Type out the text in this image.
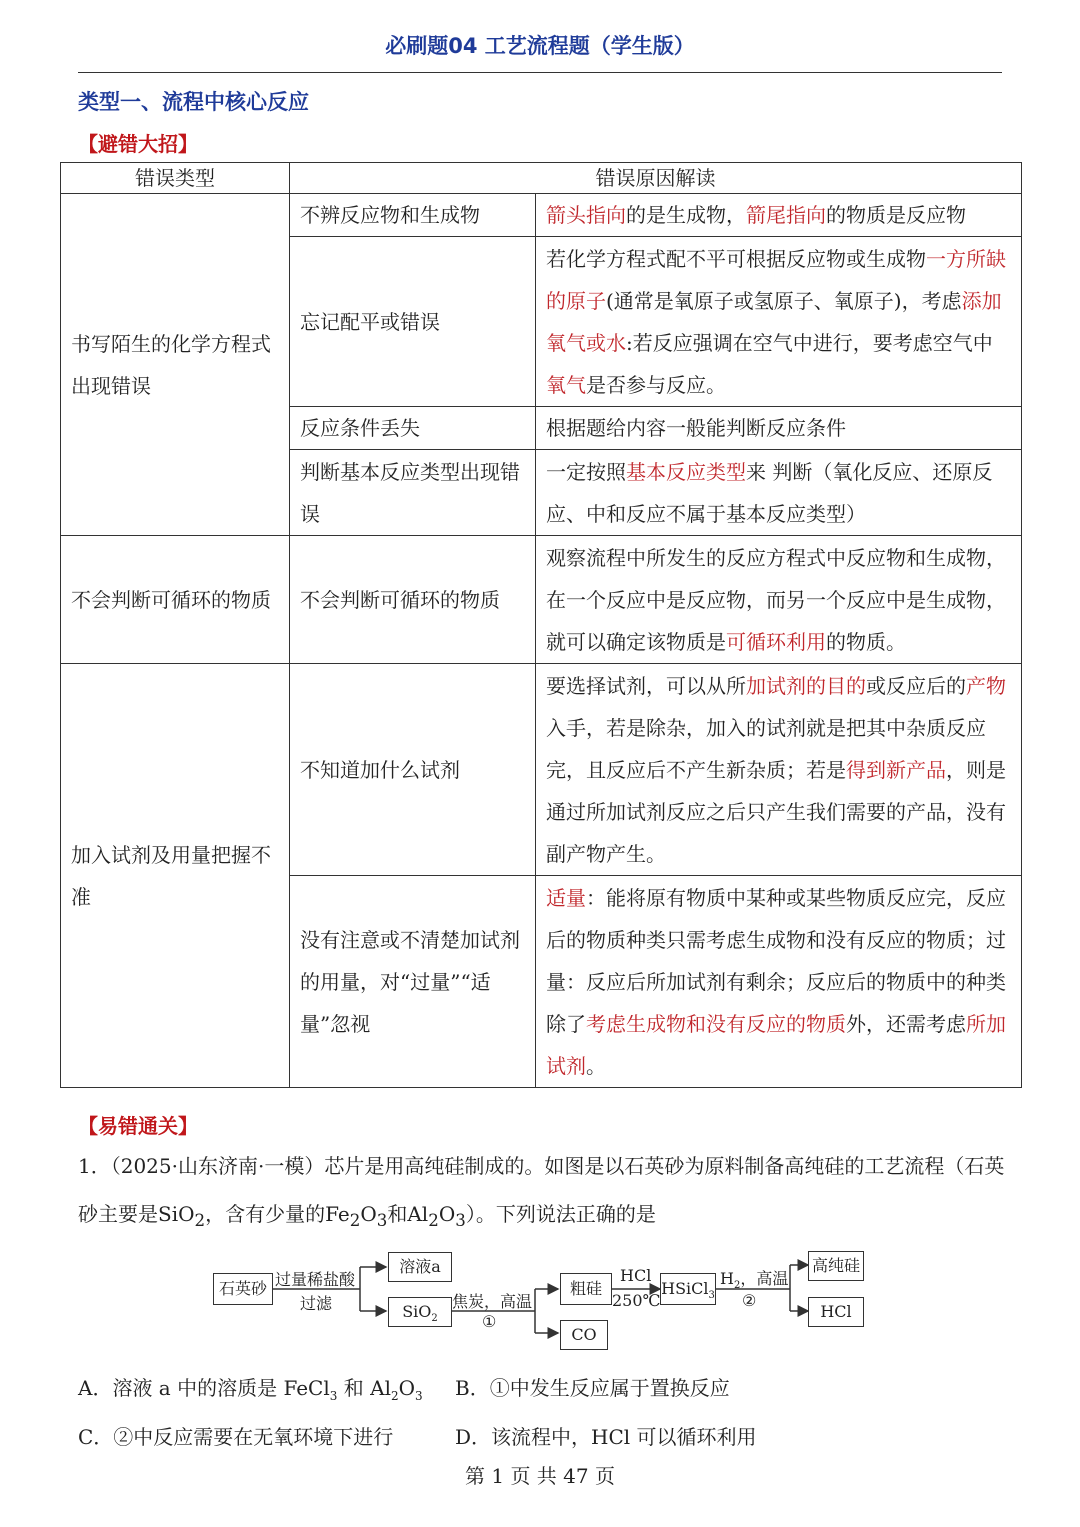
必刷题04 工艺流程题（学生版）
类型一、流程中核心反应
【避错大招】
错误类型	错误原因解读	
书写陌生的化学方程式出现错误	不辨反应物和生成物	箭头指向的是生成物，箭尾指向的物质是反应物
	忘记配平或错误	若化学方程式配不平可根据反应物或生成物一方所缺的原子(通常是氧原子或氢原子、氧原子)，考虑添加氧气或水:若反应强调在空气中进行，要考虑空气中氧气是否参与反应。
	反应条件丢失	根据题给内容一般能判断反应条件
	判断基本反应类型出现错误	一定按照基本反应类型来 判断（氧化反应、还原反应、中和反应不属于基本反应类型）
不会判断可循环的物质	不会判断可循环的物质	观察流程中所发生的反应方程式中反应物和生成物，在一个反应中是反应物，而另一个反应中是生成物，就可以确定该物质是可循环利用的物质。
加入试剂及用量把握不准	不知道加什么试剂	要选择试剂，可以从所加试剂的目的或反应后的产物入手，若是除杂，加入的试剂就是把其中杂质反应完，且反应后不产生新杂质；若是得到新产品，则是通过所加试剂反应之后只产生我们需要的产品，没有副产物产生。
	没有注意或不清楚加试剂的用量，对“过量”“适量”忽视	适量：能将原有物质中某种或某些物质反应完，反应后的物质种类只需考虑生成物和没有反应的物质；过量：反应后所加试剂有剩余；反应后的物质中的种类除了考虑生成物和没有反应的物质外，还需考虑所加试剂。
【易错通关】
1．（2025·山东济南·一模）芯片是用高纯硅制成的。如图是以石英砂为原料制备高纯硅的工艺流程（石英砂主要是SiO$_2$，含有少量的$Fe_2O_3$和$Al_2O_3$）。下列说法正确的是
石英砂 过量稀盐酸
过滤
溶液a
SiO$_2$
焦炭，高温
①
粗硅
CO
HCl
250℃
HSiCl$_3$
$H_2$，高温
②
高纯硅
HCl
A．溶液 a 中的溶质是 FeCl$_3$ 和 $Al_2O_3$ B．①中发生反应属于置换反应
C．②中反应需要在无氧环境下进行	D．该流程中，HCl 可以循环利用
第 1 页 共 47 页
